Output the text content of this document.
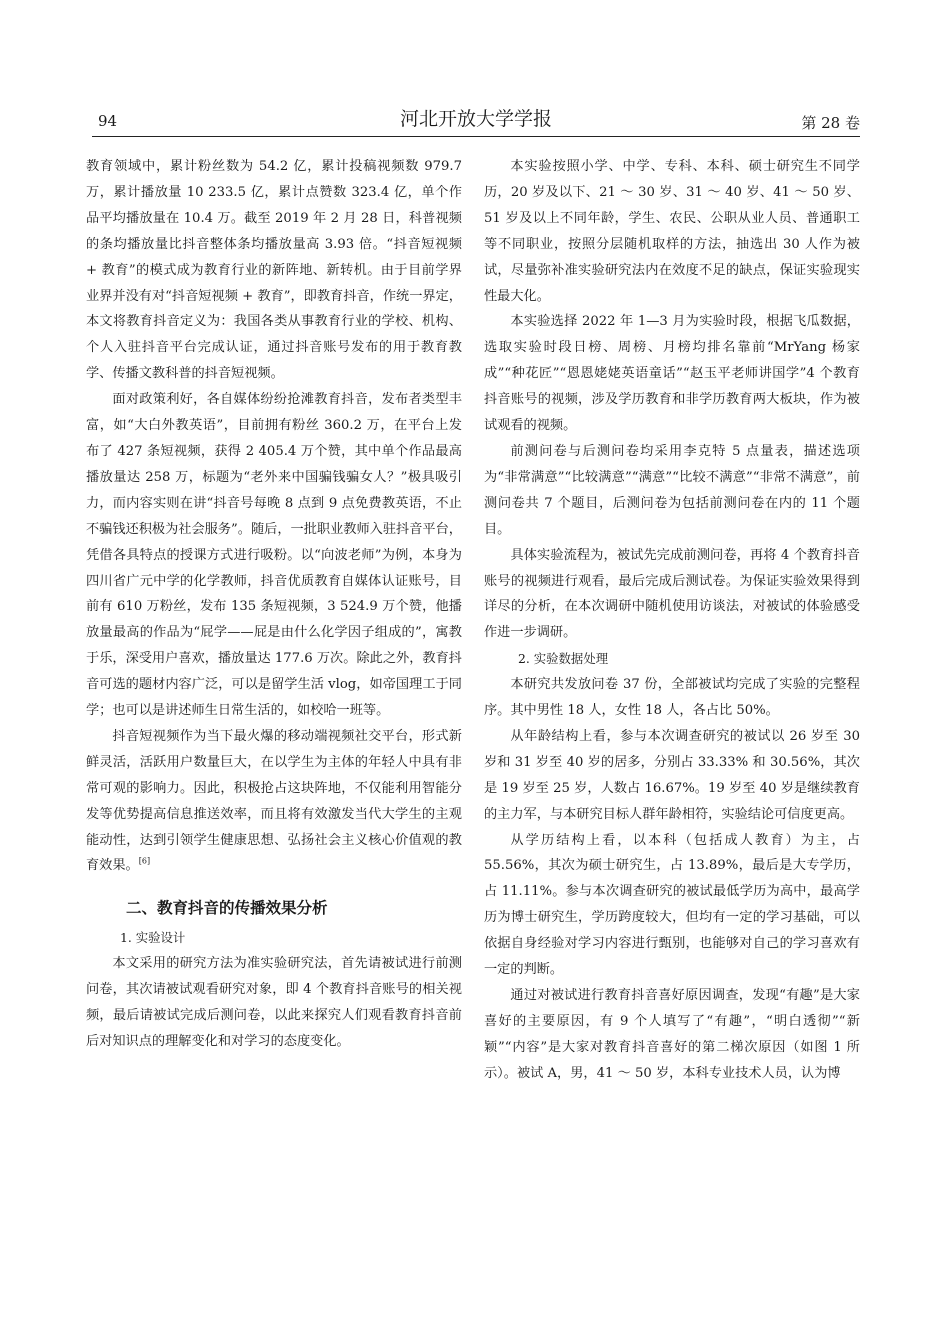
94	河北开放大学学报	第 28 卷

教育领域中，累计粉丝数为 54.2 亿，累计投稿视频数 979.7 万，累计播放量 10 233.5 亿，累计点赞数 323.4 亿，单个作品平均播放量在 10.4 万。截至 2019 年 2 月 28 日，科普视频的条均播放量比抖音整体条均播放量高 3.93 倍。“抖音短视频 + 教育”的模式成为教育行业的新阵地、新转机。由于目前学界业界并没有对“抖音短视频 + 教育”，即教育抖音，作统一界定，本文将教育抖音定义为：我国各类从事教育行业的学校、机构、个人入驻抖音平台完成认证，通过抖音账号发布的用于教育教学、传播文教科普的抖音短视频。

面对政策利好，各自媒体纷纷抢滩教育抖音，发布者类型丰富，如“大白外教英语”，目前拥有粉丝 360.2 万，在平台上发布了 427 条短视频，获得 2 405.4 万个赞，其中单个作品最高播放量达 258 万，标题为“老外来中国骗钱骗女人？”极具吸引力，而内容实则在讲“抖音号每晚 8 点到 9 点免费教英语，不止不骗钱还积极为社会服务”。随后，一批职业教师入驻抖音平台，凭借各具特点的授课方式进行吸粉。以“向波老师”为例，本身为四川省广元中学的化学教师，抖音优质教育自媒体认证账号，目前有 610 万粉丝，发布 135 条短视频，3 524.9 万个赞，他播放量最高的作品为“屁学——屁是由什么化学因子组成的”，寓教于乐，深受用户喜欢，播放量达 177.6 万次。除此之外，教育抖音可选的题材内容广泛，可以是留学生活 vlog，如帝国理工于同学；也可以是讲述师生日常生活的，如校哈一班等。

抖音短视频作为当下最火爆的移动端视频社交平台，形式新鲜灵活，活跃用户数量巨大，在以学生为主体的年轻人中具有非常可观的影响力。因此，积极抢占这块阵地，不仅能利用智能分发等优势提高信息推送效率，而且将有效激发当代大学生的主观能动性，达到引领学生健康思想、弘扬社会主义核心价值观的教育效果。[6]

二、教育抖音的传播效果分析
1. 实验设计

本文采用的研究方法为准实验研究法，首先请被试进行前测问卷，其次请被试观看研究对象，即 4 个教育抖音账号的相关视频，最后请被试完成后测问卷，以此来探究人们观看教育抖音前后对知识点的理解变化和对学习的态度变化。

本实验按照小学、中学、专科、本科、硕士研究生不同学历，20 岁及以下、21 ～ 30 岁、31 ～ 40 岁、41 ～ 50 岁、51 岁及以上不同年龄，学生、农民、公职从业人员、普通职工等不同职业，按照分层随机取样的方法，抽选出 30 人作为被试，尽量弥补准实验研究法内在效度不足的缺点，保证实验现实性最大化。

本实验选择 2022 年 1—3 月为实验时段，根据飞瓜数据，选取实验时段日榜、周榜、月榜均排名靠前“MrYang 杨家成”“种花匠”“恩恩姥姥英语童话”“赵玉平老师讲国学”4 个教育抖音账号的视频，涉及学历教育和非学历教育两大板块，作为被试观看的视频。

前测问卷与后测问卷均采用李克特 5 点量表，描述选项为“非常满意”“比较满意”“满意”“比较不满意”“非常不满意”，前测问卷共 7 个题目，后测问卷为包括前测问卷在内的 11 个题目。

具体实验流程为，被试先完成前测问卷，再将 4 个教育抖音账号的视频进行观看，最后完成后测试卷。为保证实验效果得到详尽的分析，在本次调研中随机使用访谈法，对被试的体验感受作进一步调研。

2. 实验数据处理

本研究共发放问卷 37 份，全部被试均完成了实验的完整程序。其中男性 18 人，女性 18 人，各占比 50%。

从年龄结构上看，参与本次调查研究的被试以 26 岁至 30 岁和 31 岁至 40 岁的居多，分别占 33.33% 和 30.56%，其次是 19 岁至 25 岁，人数占 16.67%。19 岁至 40 岁是继续教育的主力军，与本研究目标人群年龄相符，实验结论可信度更高。

从学历结构上看，以本科（包括成人教育）为主，占 55.56%，其次为硕士研究生，占 13.89%，最后是大专学历，占 11.11%。参与本次调查研究的被试最低学历为高中，最高学历为博士研究生，学历跨度较大，但均有一定的学习基础，可以依据自身经验对学习内容进行甄别，也能够对自己的学习喜欢有一定的判断。

通过对被试进行教育抖音喜好原因调查，发现“有趣”是大家喜好的主要原因，有 9 个人填写了“有趣”，“明白透彻”“新颖”“内容”是大家对教育抖音喜好的第二梯次原因（如图 1 所示）。被试 A，男，41 ～ 50 岁，本科专业技术人员，认为博
